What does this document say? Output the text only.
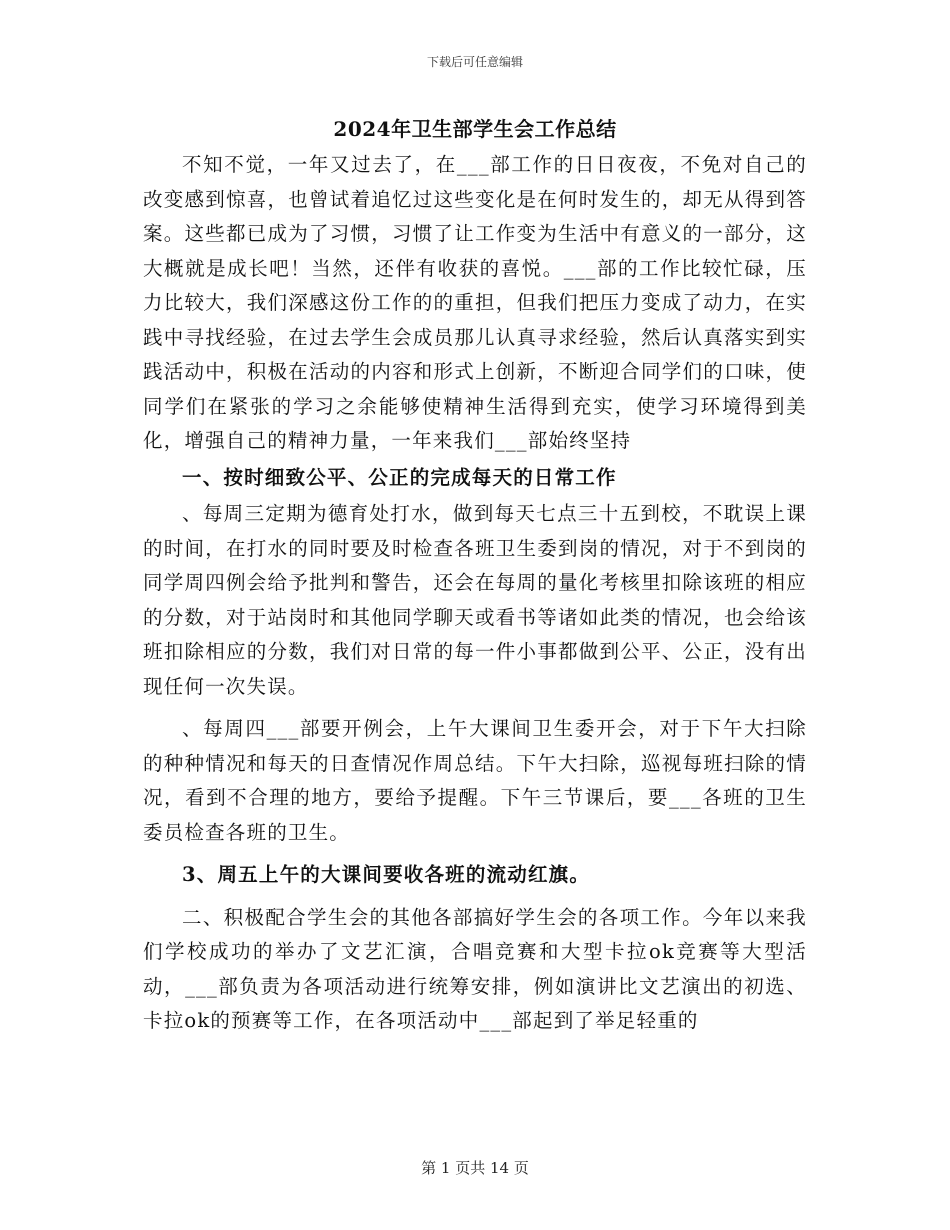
下载后可任意编辑
2024年卫生部学生会工作总结

不知不觉，一年又过去了，在___部工作的日日夜夜，不免对自己的改变感到惊喜，也曾试着追忆过这些变化是在何时发生的，却无从得到答案。这些都已成为了习惯，习惯了让工作变为生活中有意义的一部分，这大概就是成长吧！当然，还伴有收获的喜悦。___部的工作比较忙碌，压力比较大，我们深感这份工作的的重担，但我们把压力变成了动力，在实践中寻找经验，在过去学生会成员那儿认真寻求经验，然后认真落实到实践活动中，积极在活动的内容和形式上创新，不断迎合同学们的口味，使同学们在紧张的学习之余能够使精神生活得到充实，使学习环境得到美化，增强自己的精神力量，一年来我们___部始终坚持

一、按时细致公平、公正的完成每天的日常工作

、每周三定期为德育处打水，做到每天七点三十五到校，不耽误上课的时间，在打水的同时要及时检查各班卫生委到岗的情况，对于不到岗的同学周四例会给予批判和警告，还会在每周的量化考核里扣除该班的相应的分数，对于站岗时和其他同学聊天或看书等诸如此类的情况，也会给该班扣除相应的分数，我们对日常的每一件小事都做到公平、公正，没有出现任何一次失误。

、每周四___部要开例会，上午大课间卫生委开会，对于下午大扫除的种种情况和每天的日查情况作周总结。下午大扫除，巡视每班扫除的情况，看到不合理的地方，要给予提醒。下午三节课后，要___各班的卫生委员检查各班的卫生。

3、周五上午的大课间要收各班的流动红旗。

二、积极配合学生会的其他各部搞好学生会的各项工作。今年以来我们学校成功的举办了文艺汇演，合唱竞赛和大型卡拉ok竞赛等大型活动，___部负责为各项活动进行统筹安排，例如演讲比文艺演出的初选、卡拉ok的预赛等工作，在各项活动中___部起到了举足轻重的

第 1 页共 14 页
